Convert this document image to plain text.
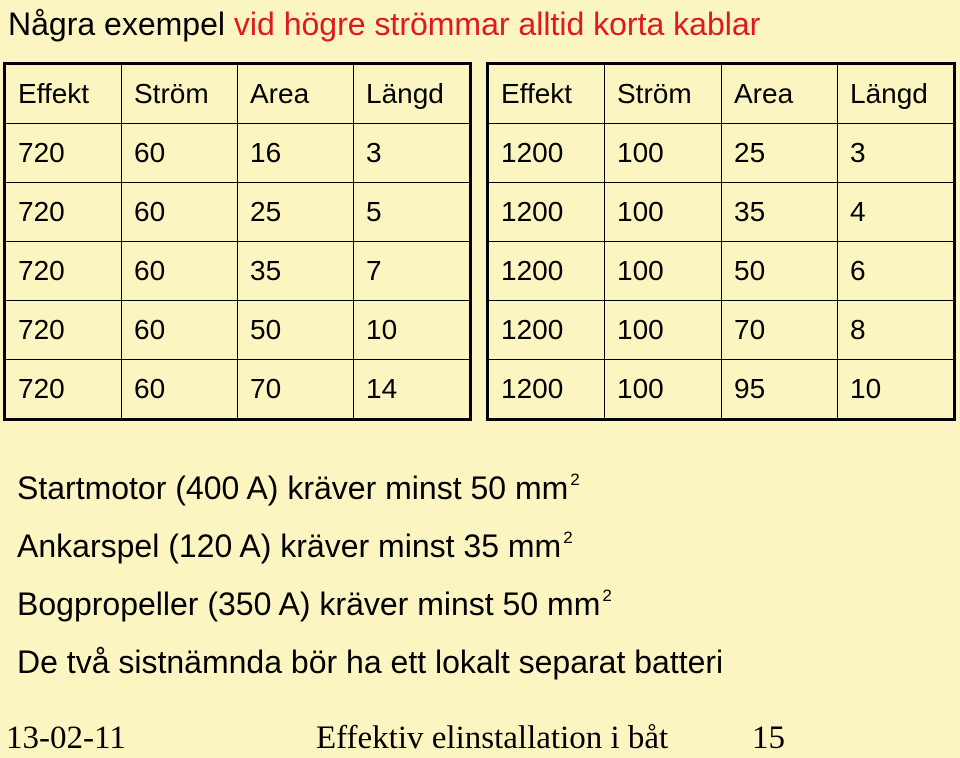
Några exempel vid högre strömmar alltid korta kablar
Effekt	Ström	Area	Längd
720	60	16	3
720	60	25	5
720	60	35	7
720	60	50	10
720	60	70	14
Effekt	Ström	Area	Längd
1200	100	25	3
1200	100	35	4
1200	100	50	6
1200	100	70	8
1200	100	95	10
Startmotor (400 A) kräver minst 50 mm $^2$
Ankarspel (120 A) kräver minst 35 mm $^2$
Bogpropeller (350 A) kräver minst 50 mm $^2$
De två sistnämnda bör ha ett lokalt separat batteri
13-02-11	Effektiv elinstallation i båt	15
